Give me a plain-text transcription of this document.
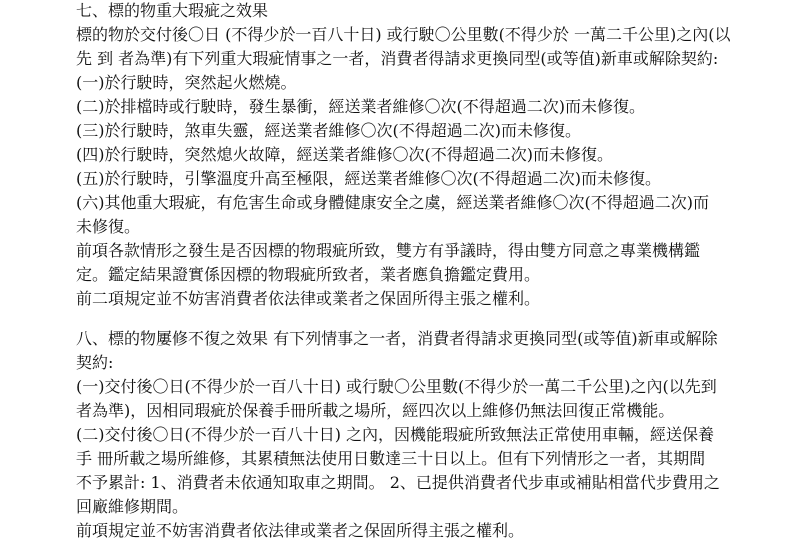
七、標的物重大瑕疵之效果
標的物於交付後〇日 (不得少於一百八十日) 或行駛〇公里數(不得少於 一萬二千公里)之內(以
先 到 者為準)有下列重大瑕疵情事之一者，消費者得請求更換同型(或等值)新車或解除契約:
(一)於行駛時，突然起火燃燒。
(二)於排檔時或行駛時，發生暴衝，經送業者維修〇次(不得超過二次)而未修復。
(三)於行駛時，煞車失靈，經送業者維修〇次(不得超過二次)而未修復。
(四)於行駛時，突然熄火故障，經送業者維修〇次(不得超過二次)而未修復。
(五)於行駛時，引擎溫度升高至極限，經送業者維修〇次(不得超過二次)而未修復。
(六)其他重大瑕疵，有危害生命或身體健康安全之虞，經送業者維修〇次(不得超過二次)而
未修復。
前項各款情形之發生是否因標的物瑕疵所致，雙方有爭議時，得由雙方同意之專業機構鑑
定。鑑定結果證實係因標的物瑕疵所致者，業者應負擔鑑定費用。
前二項規定並不妨害消費者依法律或業者之保固所得主張之權利。
八、標的物屢修不復之效果 有下列情事之一者，消費者得請求更換同型(或等值)新車或解除
契約:
(一)交付後〇日(不得少於一百八十日) 或行駛〇公里數(不得少於一萬二千公里)之內(以先到
者為準)，因相同瑕疵於保養手冊所載之場所，經四次以上維修仍無法回復正常機能。
(二)交付後〇日(不得少於一百八十日) 之內，因機能瑕疵所致無法正常使用車輛，經送保養
手 冊所載之場所維修，其累積無法使用日數達三十日以上。但有下列情形之一者，其期間
不予累計: 1、消費者未依通知取車之期間。 2、已提供消費者代步車或補貼相當代步費用之
回廠維修期間。
前項規定並不妨害消費者依法律或業者之保固所得主張之權利。
